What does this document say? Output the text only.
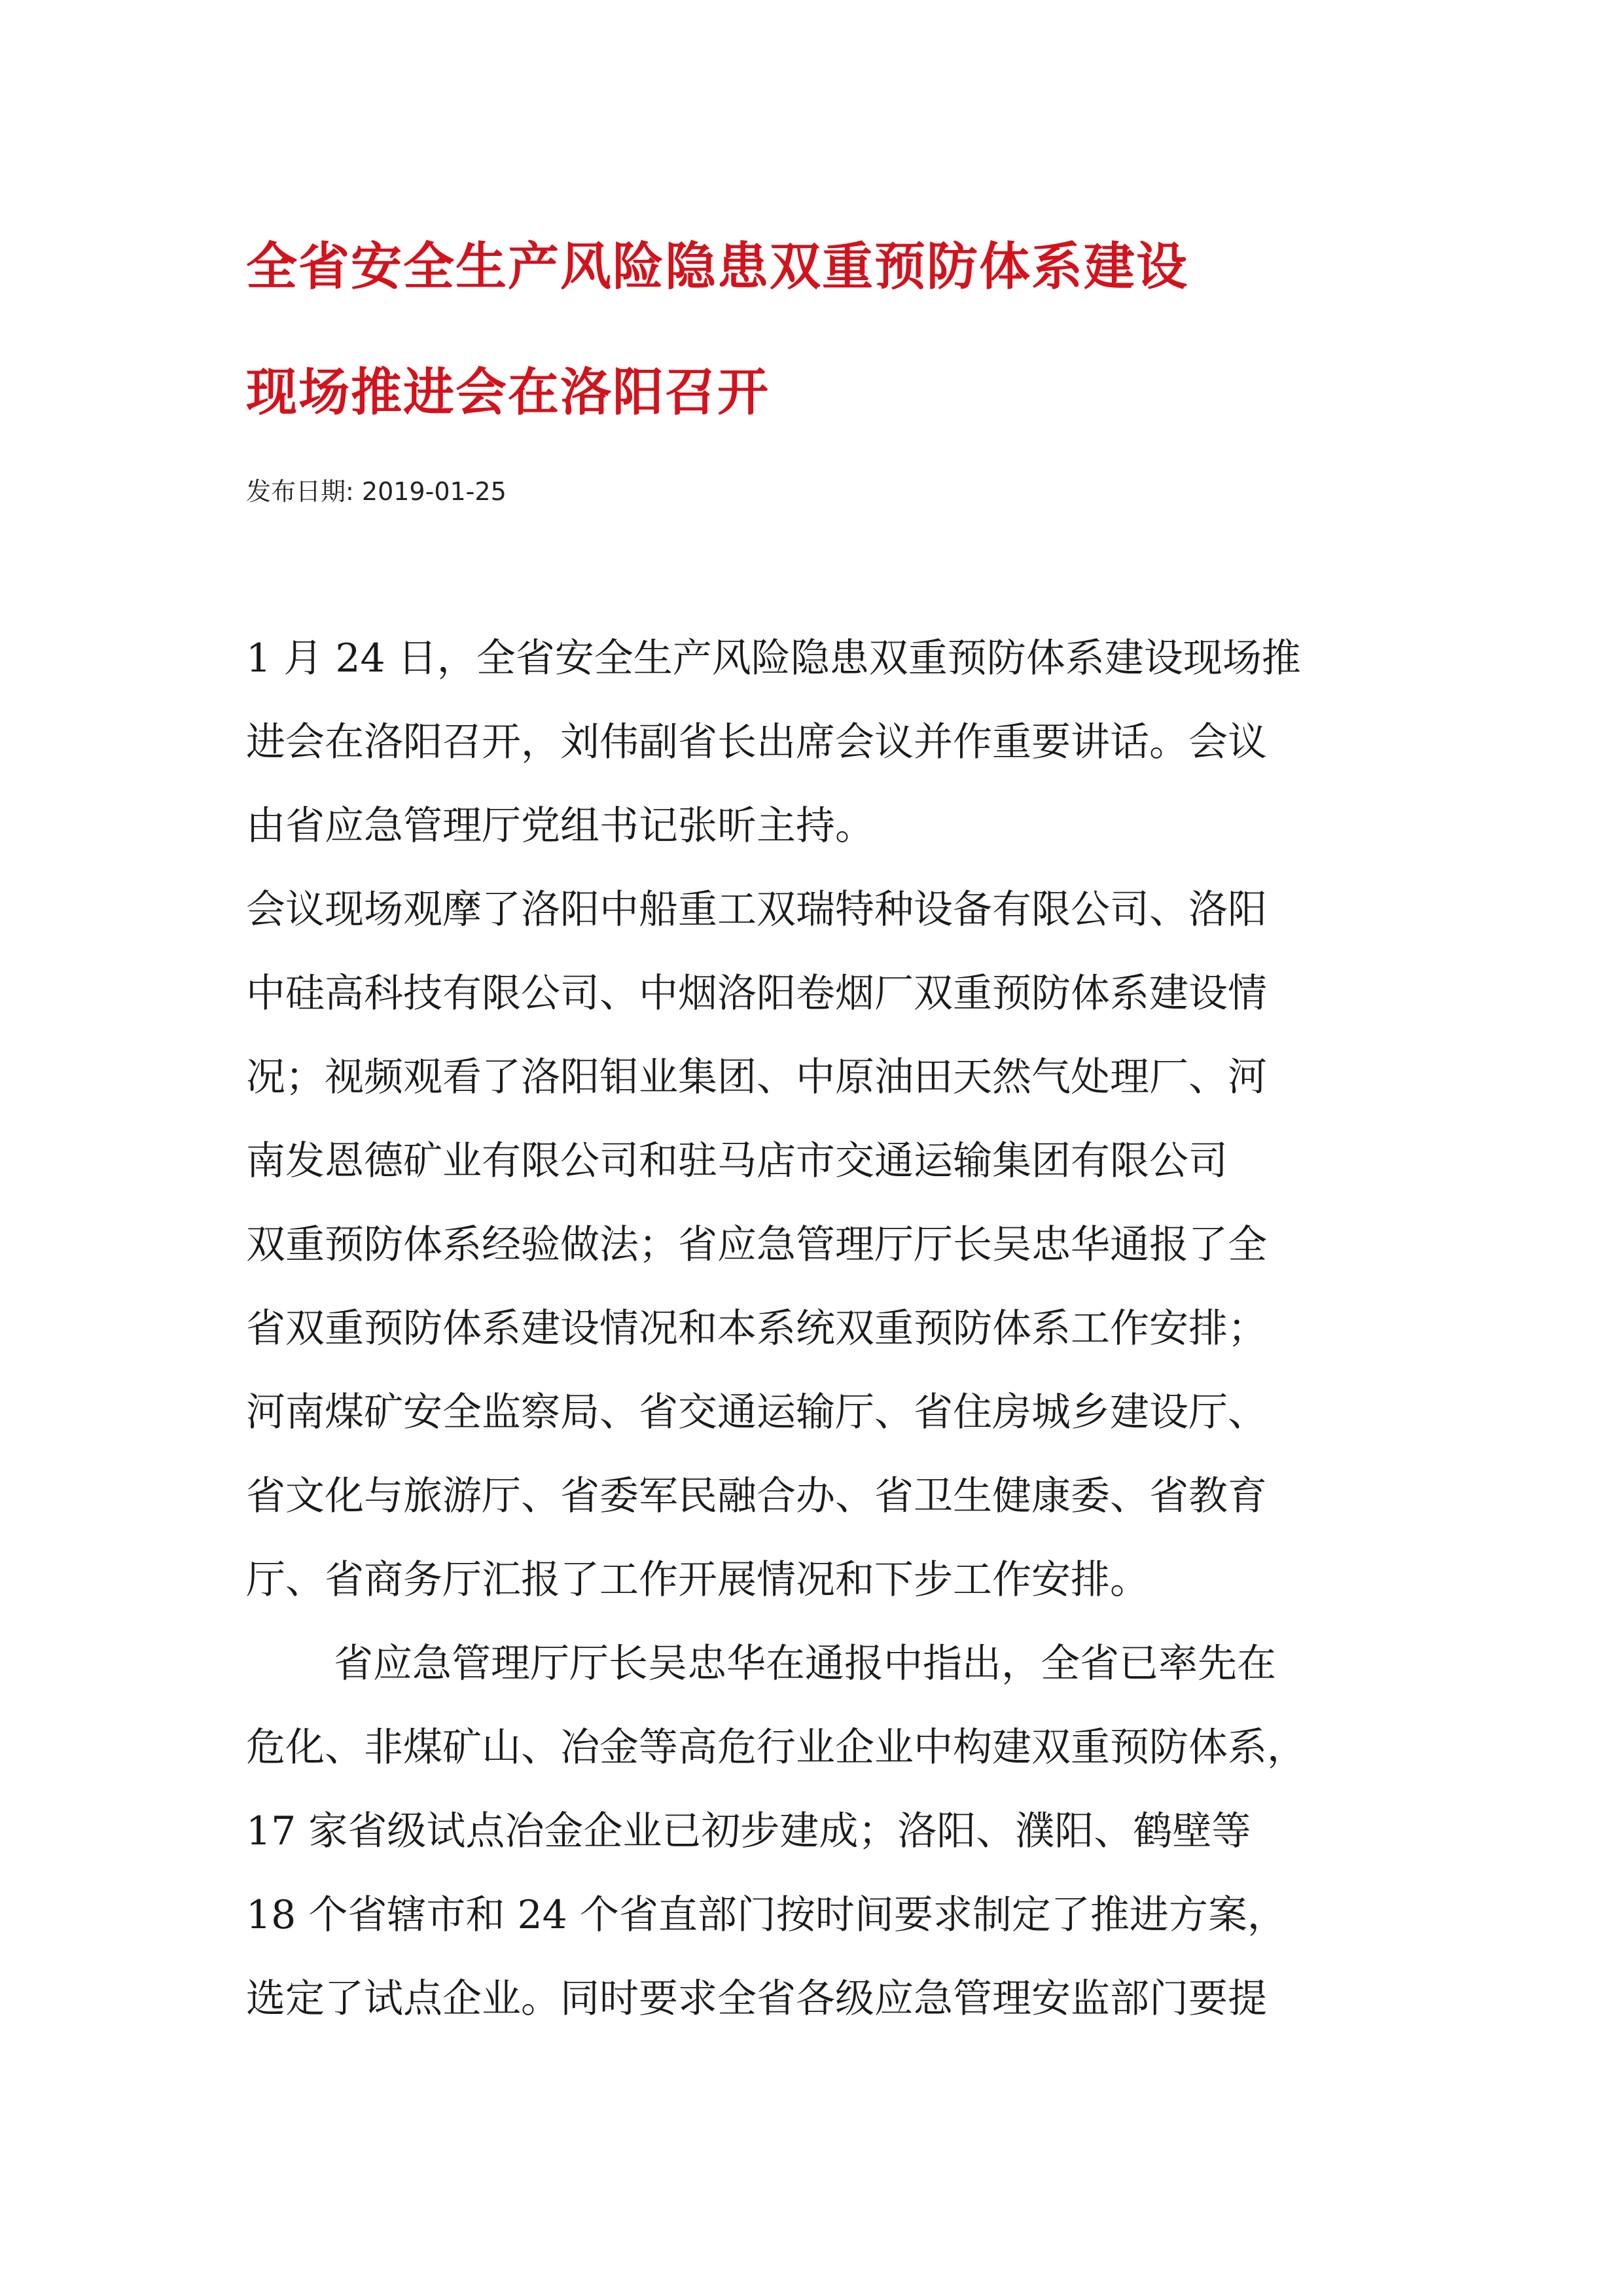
全省安全生产风险隐患双重预防体系建设
现场推进会在洛阳召开
发布日期: 2019-01-25
1 月 24 日，全省安全生产风险隐患双重预防体系建设现场推
进会在洛阳召开，刘伟副省长出席会议并作重要讲话。会议
由省应急管理厅党组书记张昕主持。
会议现场观摩了洛阳中船重工双瑞特种设备有限公司、洛阳
中硅高科技有限公司、中烟洛阳卷烟厂双重预防体系建设情
况；视频观看了洛阳钼业集团、中原油田天然气处理厂、河
南发恩德矿业有限公司和驻马店市交通运输集团有限公司
双重预防体系经验做法；省应急管理厅厅长吴忠华通报了全
省双重预防体系建设情况和本系统双重预防体系工作安排；
河南煤矿安全监察局、省交通运输厅、省住房城乡建设厅、
省文化与旅游厅、省委军民融合办、省卫生健康委、省教育
厅、省商务厅汇报了工作开展情况和下步工作安排。
省应急管理厅厅长吴忠华在通报中指出，全省已率先在
危化、非煤矿山、冶金等高危行业企业中构建双重预防体系，
17 家省级试点冶金企业已初步建成；洛阳、濮阳、鹤壁等
18 个省辖市和 24 个省直部门按时间要求制定了推进方案，
选定了试点企业。同时要求全省各级应急管理安监部门要提
